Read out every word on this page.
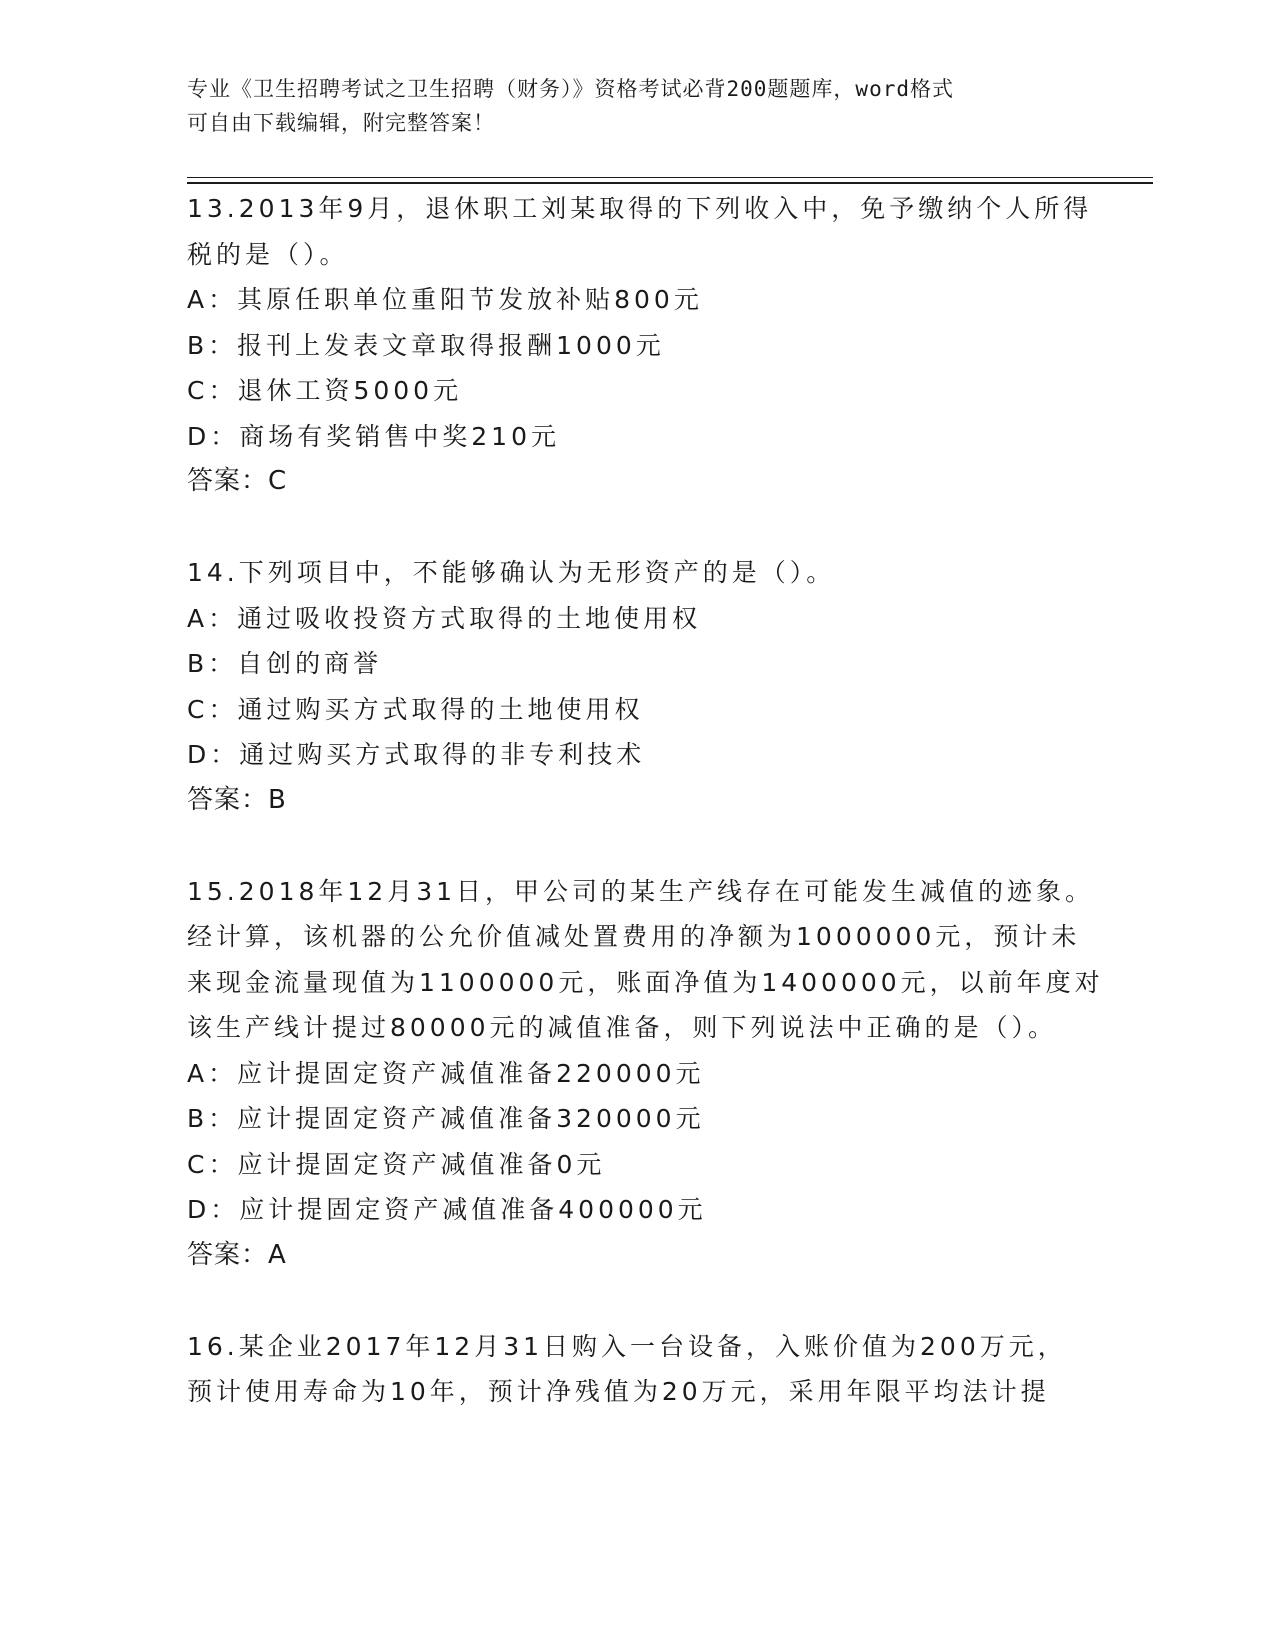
专业《卫生招聘考试之卫生招聘（财务）》资格考试必背200题题库，word格式
可自由下载编辑，附完整答案！
13.2013年9月，退休职工刘某取得的下列收入中，免予缴纳个人所得
税的是（）。
A：其原任职单位重阳节发放补贴800元
B：报刊上发表文章取得报酬1000元
C：退休工资5000元
D：商场有奖销售中奖210元
答案：C
14.下列项目中，不能够确认为无形资产的是（）。
A：通过吸收投资方式取得的土地使用权
B：自创的商誉
C：通过购买方式取得的土地使用权
D：通过购买方式取得的非专利技术
答案：B
15.2018年12月31日，甲公司的某生产线存在可能发生减值的迹象。
经计算，该机器的公允价值减处置费用的净额为1000000元，预计未
来现金流量现值为1100000元，账面净值为1400000元，以前年度对
该生产线计提过80000元的减值准备，则下列说法中正确的是（）。
A：应计提固定资产减值准备220000元
B：应计提固定资产减值准备320000元
C：应计提固定资产减值准备0元
D：应计提固定资产减值准备400000元
答案：A
16.某企业2017年12月31日购入一台设备，入账价值为200万元，
预计使用寿命为10年，预计净残值为20万元，采用年限平均法计提
